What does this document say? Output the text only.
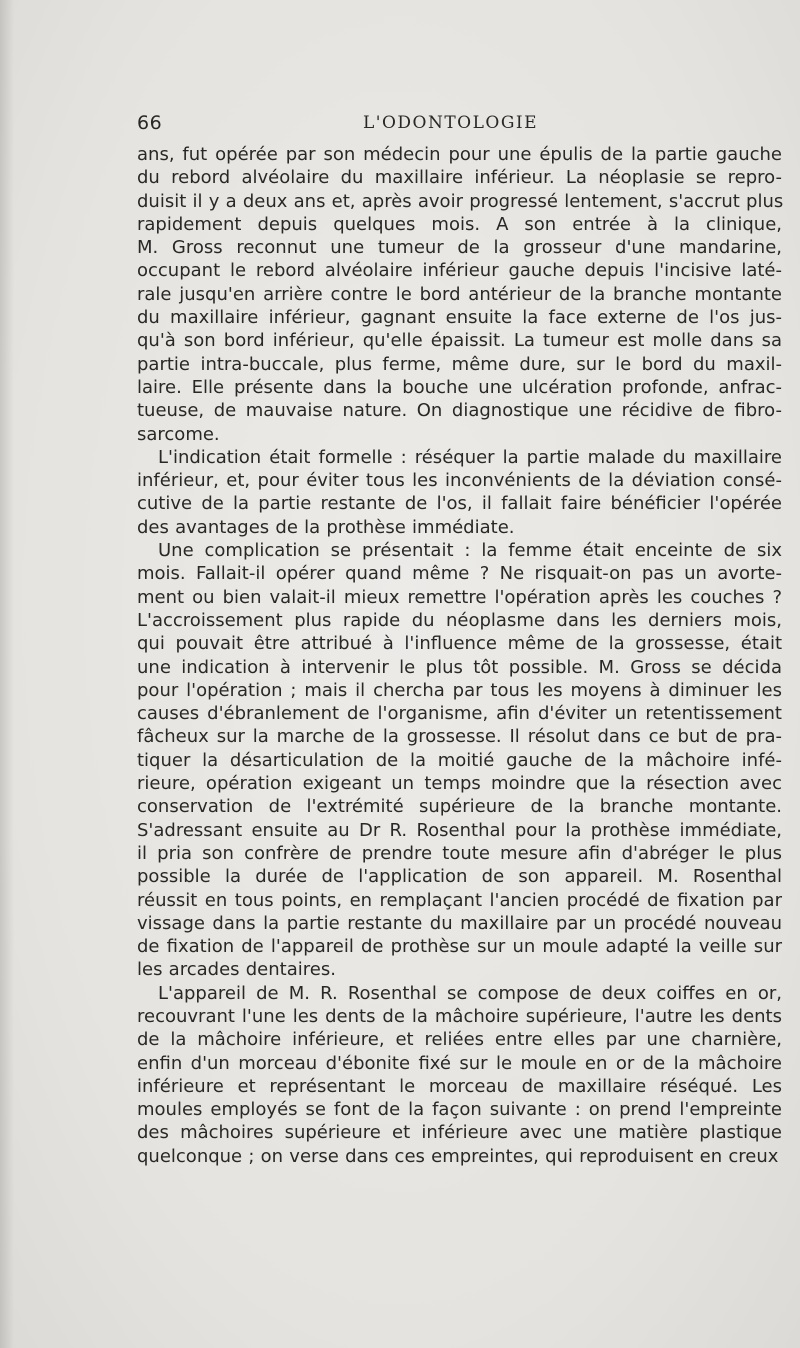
66	L'ODONTOLOGIE
ans, fut opérée par son médecin pour une épulis de la partie gauche
du rebord alvéolaire du maxillaire inférieur. La néoplasie se repro-
duisit il y a deux ans et, après avoir progressé lentement, s'accrut plus
rapidement depuis quelques mois. A son entrée à la clinique,
M. Gross reconnut une tumeur de la grosseur d'une mandarine,
occupant le rebord alvéolaire inférieur gauche depuis l'incisive laté-
rale jusqu'en arrière contre le bord antérieur de la branche montante
du maxillaire inférieur, gagnant ensuite la face externe de l'os jus-
qu'à son bord inférieur, qu'elle épaissit. La tumeur est molle dans sa
partie intra-buccale, plus ferme, même dure, sur le bord du maxil-
laire. Elle présente dans la bouche une ulcération profonde, anfrac-
tueuse, de mauvaise nature. On diagnostique une récidive de fibro-
sarcome.
L'indication était formelle : réséquer la partie malade du maxillaire
inférieur, et, pour éviter tous les inconvénients de la déviation consé-
cutive de la partie restante de l'os, il fallait faire bénéficier l'opérée
des avantages de la prothèse immédiate.
Une complication se présentait : la femme était enceinte de six
mois. Fallait-il opérer quand même ? Ne risquait-on pas un avorte-
ment ou bien valait-il mieux remettre l'opération après les couches ?
L'accroissement plus rapide du néoplasme dans les derniers mois,
qui pouvait être attribué à l'influence même de la grossesse, était
une indication à intervenir le plus tôt possible. M. Gross se décida
pour l'opération ; mais il chercha par tous les moyens à diminuer les
causes d'ébranlement de l'organisme, afin d'éviter un retentissement
fâcheux sur la marche de la grossesse. Il résolut dans ce but de pra-
tiquer la désarticulation de la moitié gauche de la mâchoire infé-
rieure, opération exigeant un temps moindre que la résection avec
conservation de l'extrémité supérieure de la branche montante.
S'adressant ensuite au Dr R. Rosenthal pour la prothèse immédiate,
il pria son confrère de prendre toute mesure afin d'abréger le plus
possible la durée de l'application de son appareil. M. Rosenthal
réussit en tous points, en remplaçant l'ancien procédé de fixation par
vissage dans la partie restante du maxillaire par un procédé nouveau
de fixation de l'appareil de prothèse sur un moule adapté la veille sur
les arcades dentaires.
L'appareil de M. R. Rosenthal se compose de deux coiffes en or,
recouvrant l'une les dents de la mâchoire supérieure, l'autre les dents
de la mâchoire inférieure, et reliées entre elles par une charnière,
enfin d'un morceau d'ébonite fixé sur le moule en or de la mâchoire
inférieure et représentant le morceau de maxillaire réséqué. Les
moules employés se font de la façon suivante : on prend l'empreinte
des mâchoires supérieure et inférieure avec une matière plastique
quelconque ; on verse dans ces empreintes, qui reproduisent en creux
